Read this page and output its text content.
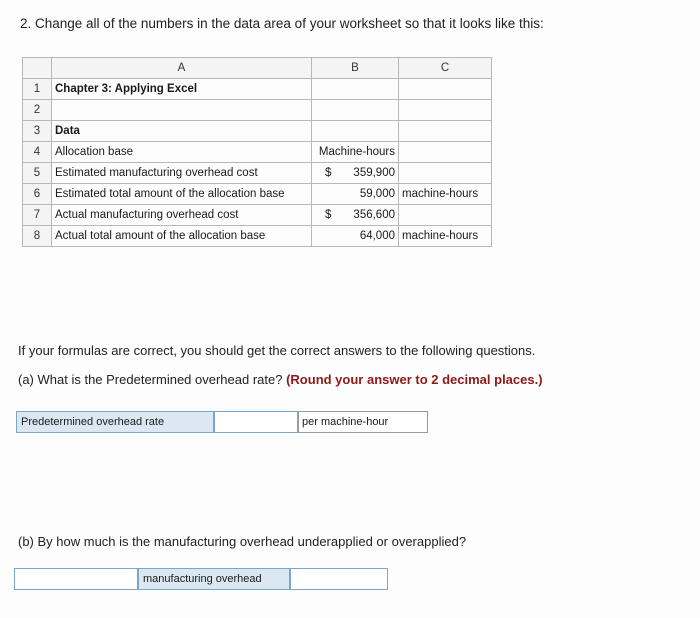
2. Change all of the numbers in the data area of your worksheet so that it looks like this:
	A	B	C
1	Chapter 3: Applying Excel		
2			
3	Data		
4	Allocation base	Machine-hours	
5	Estimated manufacturing overhead cost	$ 359,900	
6	Estimated total amount of the allocation base	59,000	machine-hours
7	Actual manufacturing overhead cost	$ 356,600	
8	Actual total amount of the allocation base	64,000	machine-hours
If your formulas are correct, you should get the correct answers to the following questions.
(a) What is the Predetermined overhead rate? (Round your answer to 2 decimal places.)
Predetermined overhead rate	per machine-hour
(b) By how much is the manufacturing overhead underapplied or overapplied?
manufacturing overhead
